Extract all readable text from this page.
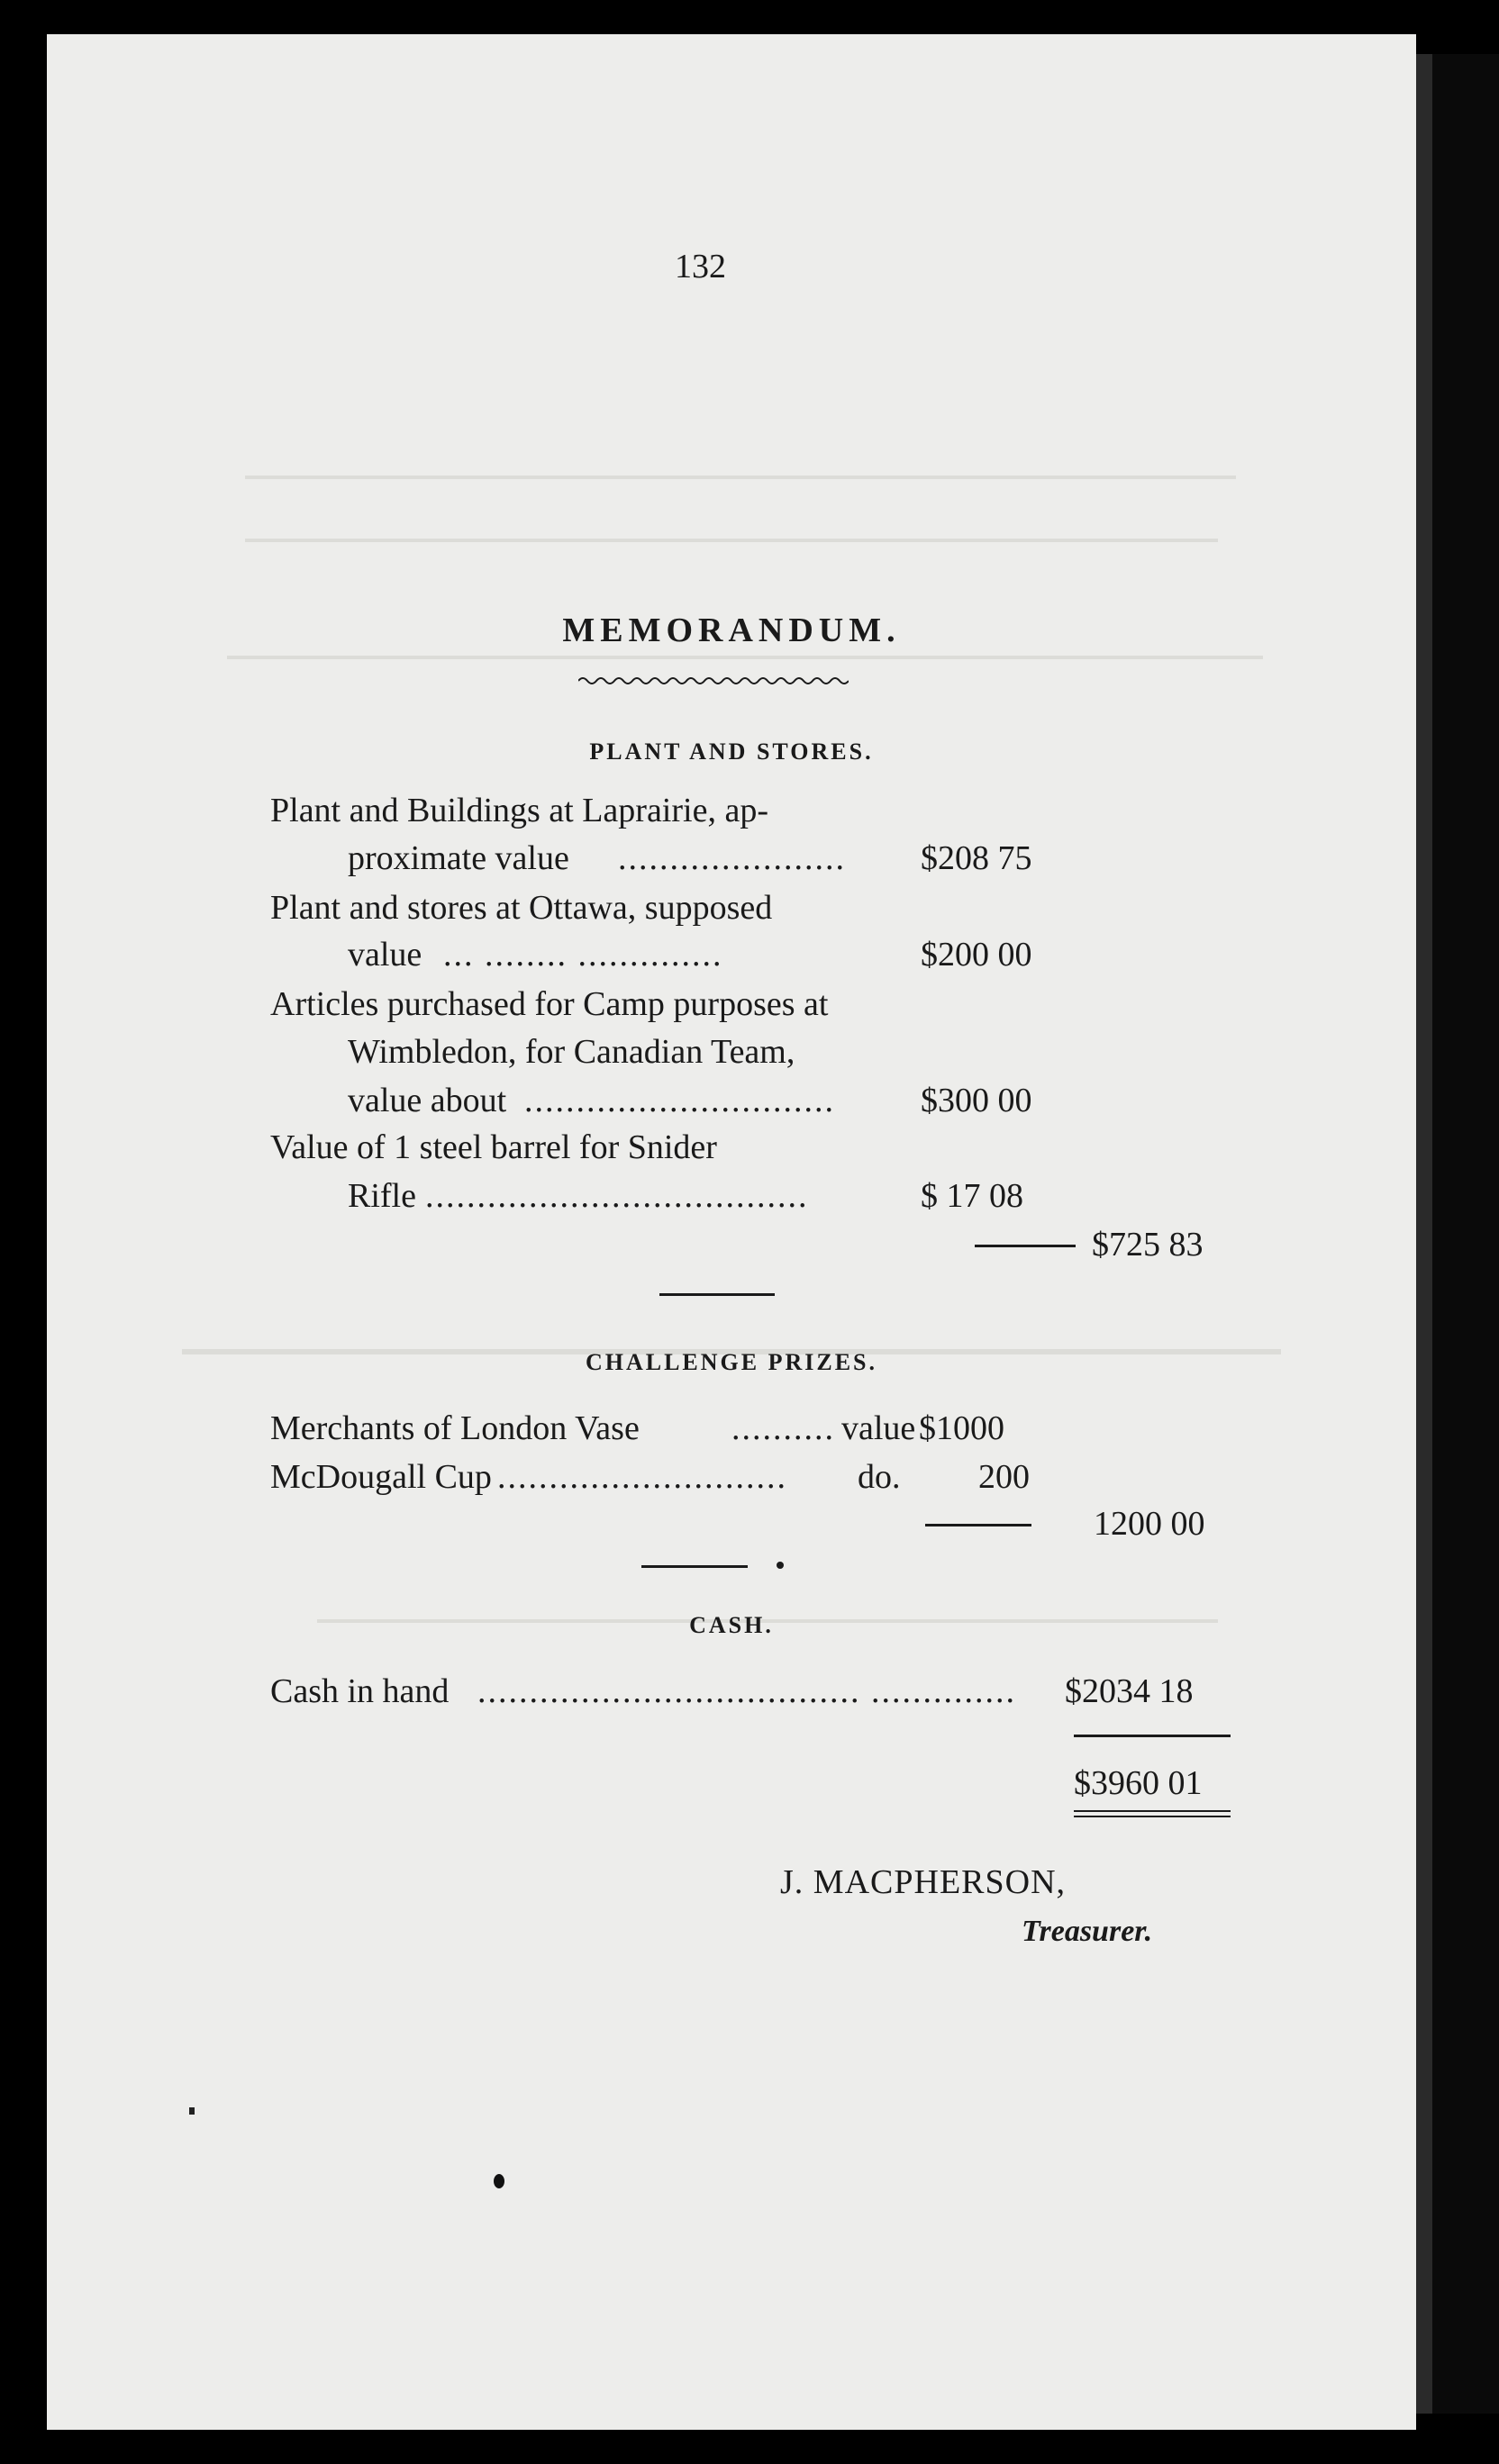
132
MEMORANDUM.
PLANT AND STORES.
Plant and Buildings at Laprairie, ap-
proximate value ...................... $208 75
Plant and stores at Ottawa, supposed
value ... ........ ..............	$200 00
Articles purchased for Camp purposes at
Wimbledon, for Canadian Team,
value about ..............................	$300 00
Value of 1 steel barrel for Snider
Rifle .....................................	$ 17 08
$725 83
CHALLENGE PRIZES.
Merchants of London Vase	.......... value $1000
McDougall Cup ............................ do. 200
1200 00
CASH.
Cash in hand ..................................... .............. $2034 18
$3960 01
J. MACPHERSON,
Treasurer.
